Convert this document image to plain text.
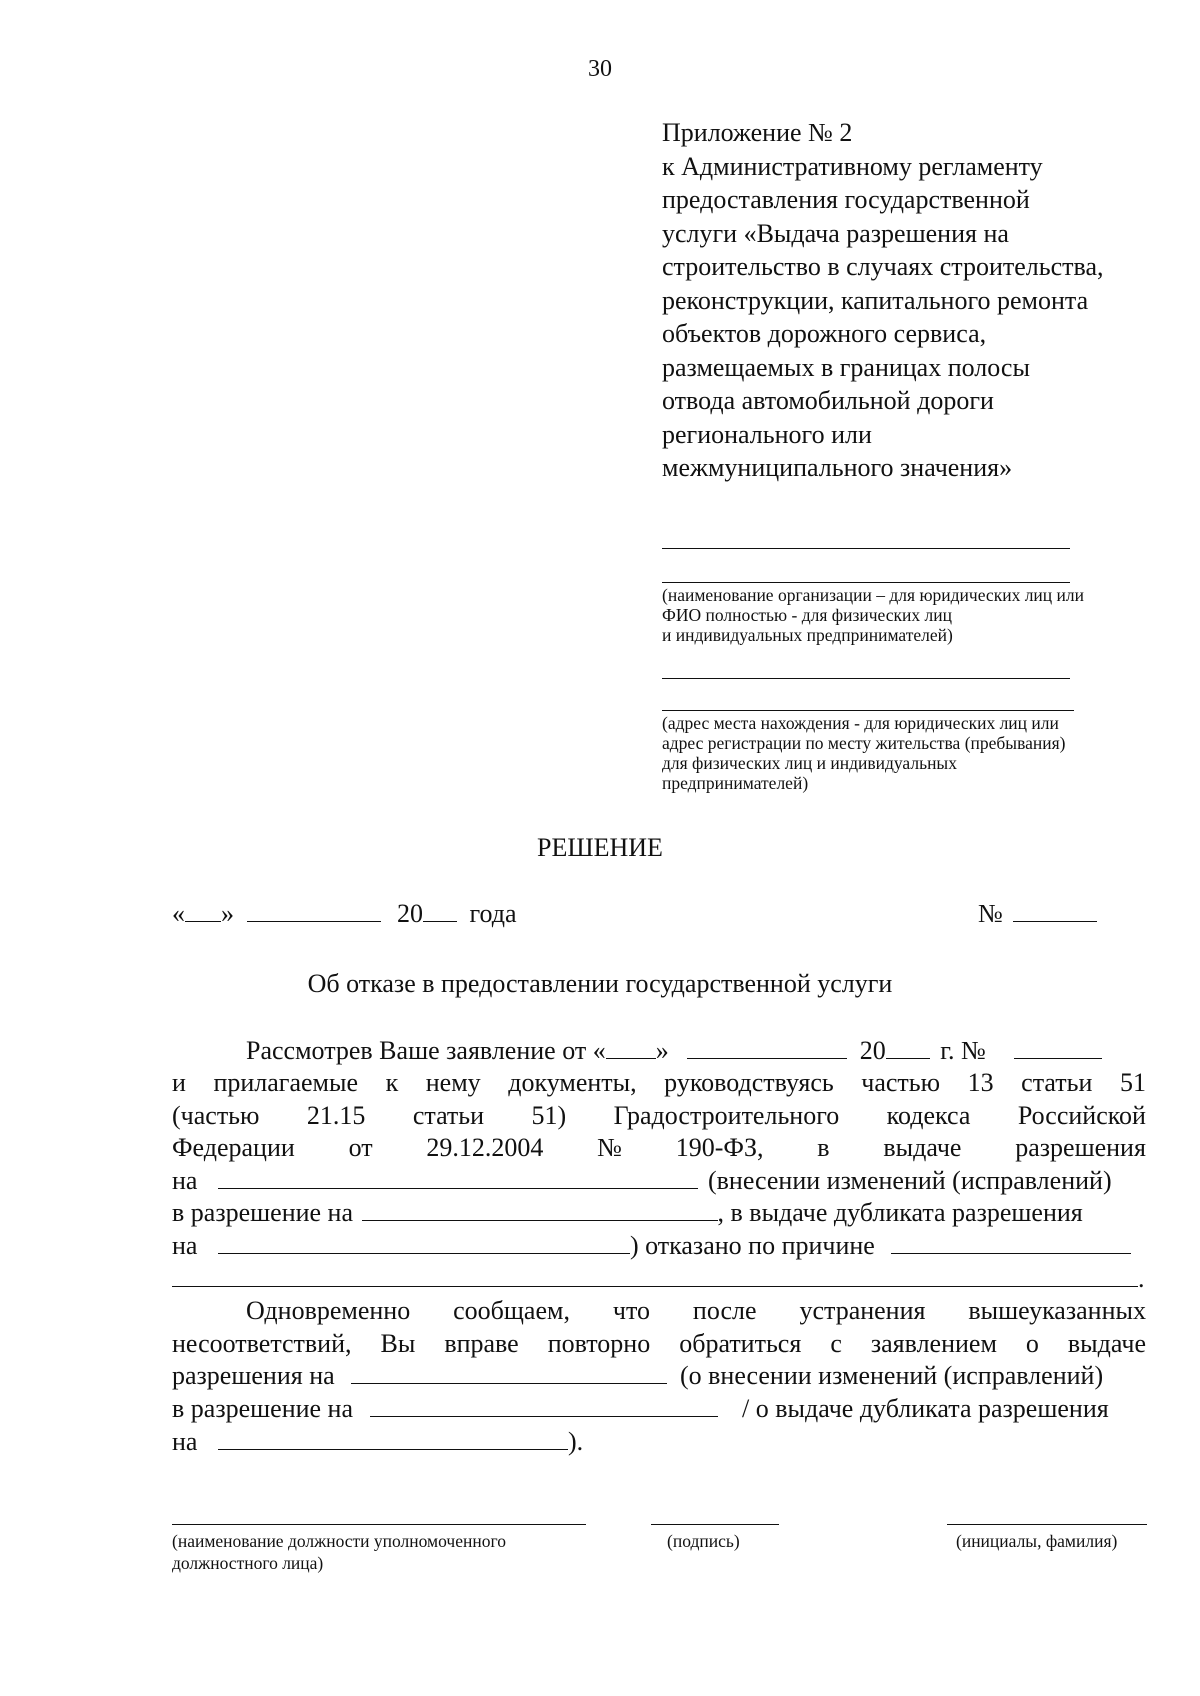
30
Приложение № 2
к Административному регламенту
предоставления государственной
услуги «Выдача разрешения на
строительство в случаях строительства,
реконструкции, капитального ремонта
объектов дорожного сервиса,
размещаемых в границах полосы
отвода автомобильной дороги
регионального или
межмуниципального значения»
(наименование организации – для юридических лиц или
ФИО полностью - для физических лиц
и индивидуальных предпринимателей)
(адрес места нахождения - для юридических лиц или
адрес регистрации по месту жительства (пребывания)
для физических лиц и индивидуальных
предпринимателей)
РЕШЕНИЕ
« »	20 года	№
Об отказе в предоставлении государственной услуги
Рассмотрев Ваше заявление от « »	20 г. №
и прилагаемые к нему документы, руководствуясь частью 13 статьи 51
(частью 21.15 статьи 51) Градостроительного кодекса Российской
Федерации от 29.12.2004 № 190-ФЗ, в выдаче разрешения
на	(внесении изменений (исправлений)
в разрешение на	, в выдаче дубликата разрешения
на	) отказано по причине
.
Одновременно сообщаем, что после устранения вышеуказанных
несоответствий, Вы вправе повторно обратиться с заявлением о выдаче
разрешения на	(о внесении изменений (исправлений)
в разрешение на	/ о выдаче дубликата разрешения
на	).
(наименование должности уполномоченного
должностного лица)
(подпись)	(инициалы, фамилия)
